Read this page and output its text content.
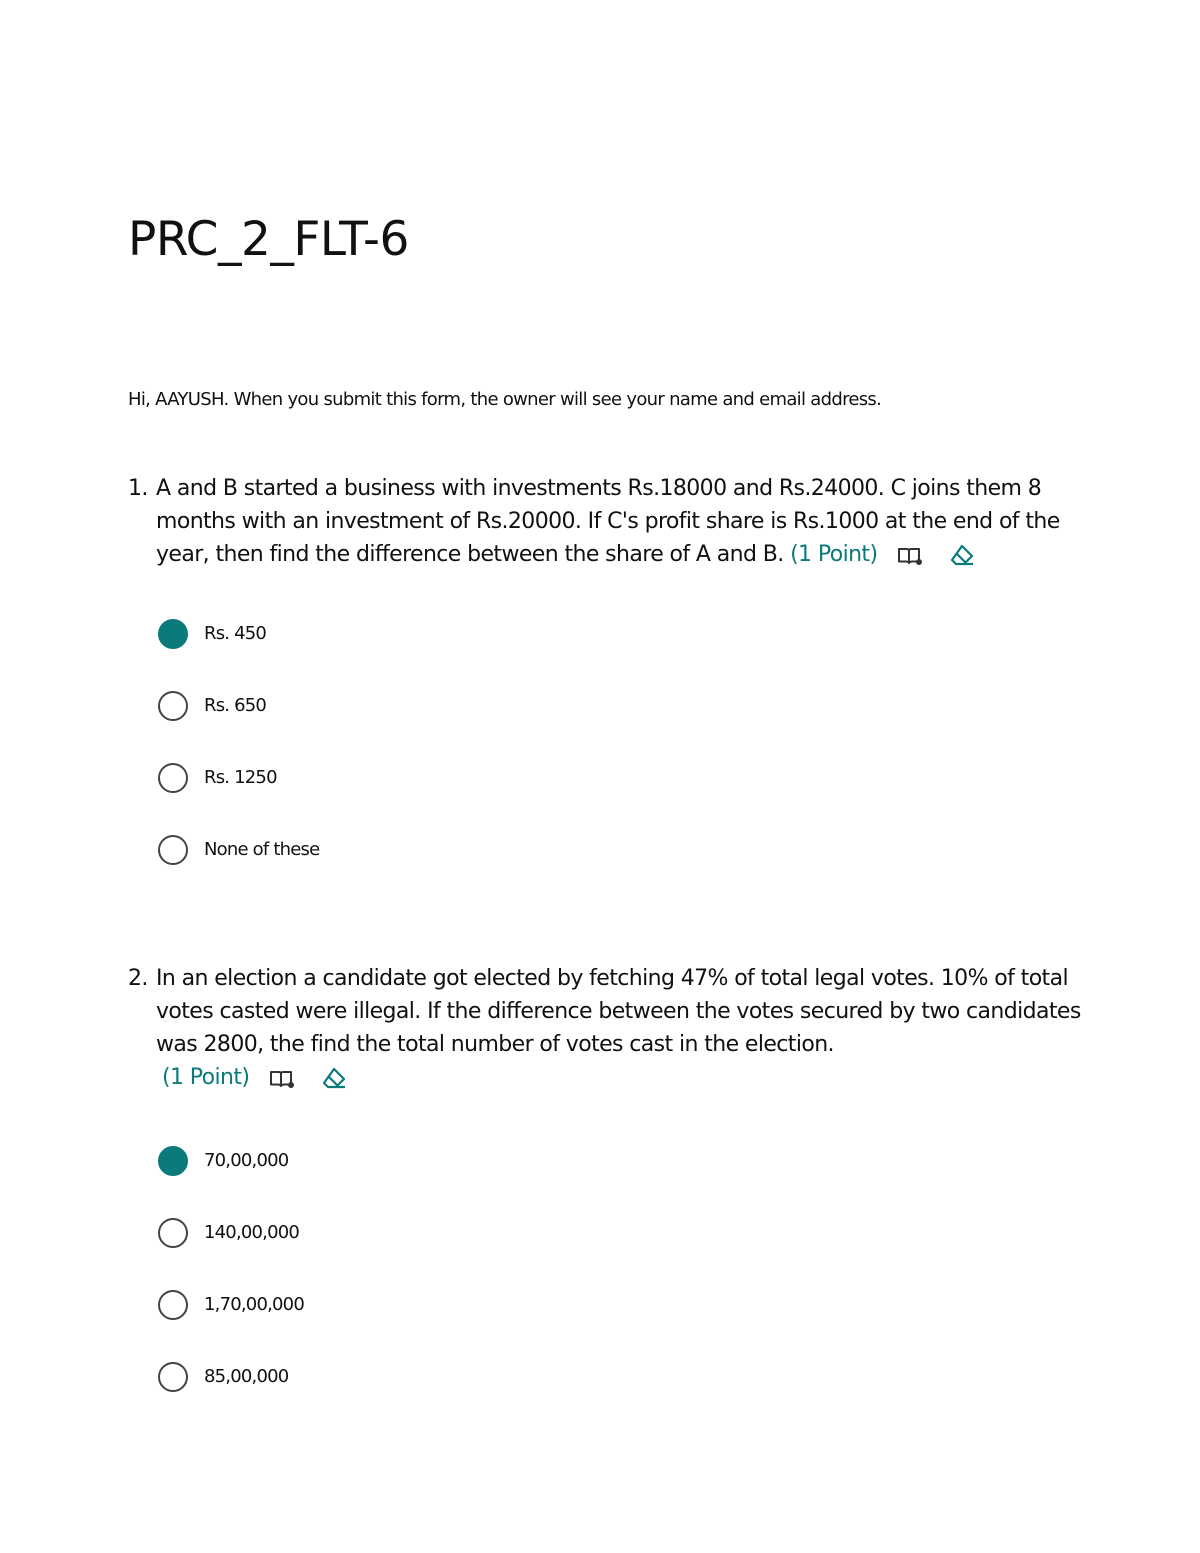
PRC_2_FLT-6
Hi, AAYUSH. When you submit this form, the owner will see your name and email address.
1. A and B started a business with investments Rs.18000 and Rs.24000. C joins them 8 months with an investment of Rs.20000. If C's profit share is Rs.1000 at the end of the year, then find the difference between the share of A and B. (1 Point)
Rs. 450
Rs. 650
Rs. 1250
None of these
2. In an election a candidate got elected by fetching 47% of total legal votes. 10% of total votes casted were illegal. If the difference between the votes secured by two candidates was 2800, the find the total number of votes cast in the election.
(1 Point)
70,00,000
140,00,000
1,70,00,000
85,00,000
